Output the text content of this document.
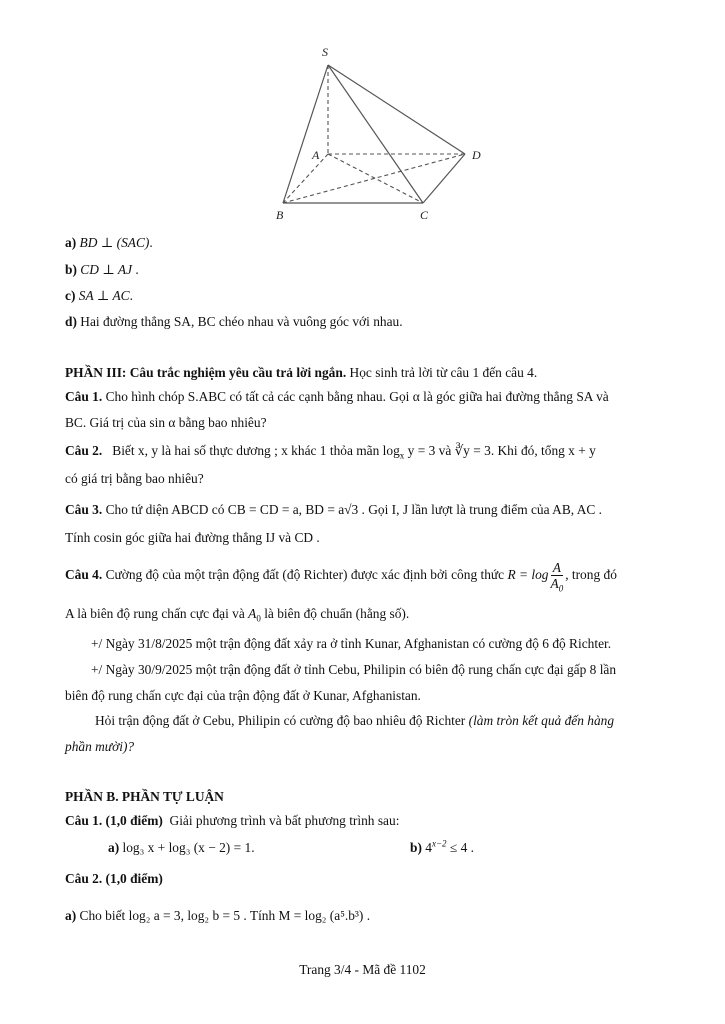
S
A
B	C
D
a) BD ⊥ (SAC).
b) CD ⊥ AJ .
c) SA ⊥ AC.
d) Hai đường thẳng SA, BC chéo nhau và vuông góc với nhau.
PHẦN III: Câu trắc nghiệm yêu cầu trả lời ngắn. Học sinh trả lời từ câu 1 đến câu 4.
Câu 1. Cho hình chóp S.ABC có tất cả các cạnh bằng nhau. Gọi α là góc giữa hai đường thẳng SA và
BC. Giá trị của sin α bằng bao nhiêu?
Câu 2. Biết x, y là hai số thực dương ; x khác 1 thỏa mãn $\log_x y = 3$ và ∛y = 3. Khi đó, tổng x + y
có giá trị bằng bao nhiêu?
Câu 3. Cho tứ diện ABCD có CB = CD = a, BD = a√3 . Gọi I, J lần lượt là trung điểm của AB, AC .
Tính cosin góc giữa hai đường thẳng IJ và CD .
Câu 4. Cường độ của một trận động đất (độ Richter) được xác định bởi công thức $R = \log \frac{A}{A_0}$ , trong đó
A là biên độ rung chấn cực đại và $A_0$ là biên độ chuẩn (hằng số).
+/ Ngày 31/8/2025 một trận động đất xảy ra ở tỉnh Kunar, Afghanistan có cường độ 6 độ Richter.
+/ Ngày 30/9/2025 một trận động đất ở tỉnh Cebu, Philipin có biên độ rung chấn cực đại gấp 8 lần
biên độ rung chấn cực đại của trận động đất ở Kunar, Afghanistan.
Hỏi trận động đất ở Cebu, Philipin có cường độ bao nhiêu độ Richter (làm tròn kết quả đến hàng
phần mười)?
PHẦN B. PHẦN TỰ LUẬN
Câu 1. (1,0 điểm) Giải phương trình và bất phương trình sau:
a) log₃ x + log₃ (x − 2) = 1.	b) $4^{x-2} \le 4$ .
Câu 2. (1,0 điểm)
a) Cho biết log₂ a = 3, log₂ b = 5 . Tính M = log₂ (a⁵.b³) .
Trang 3/4 - Mã đề 1102
